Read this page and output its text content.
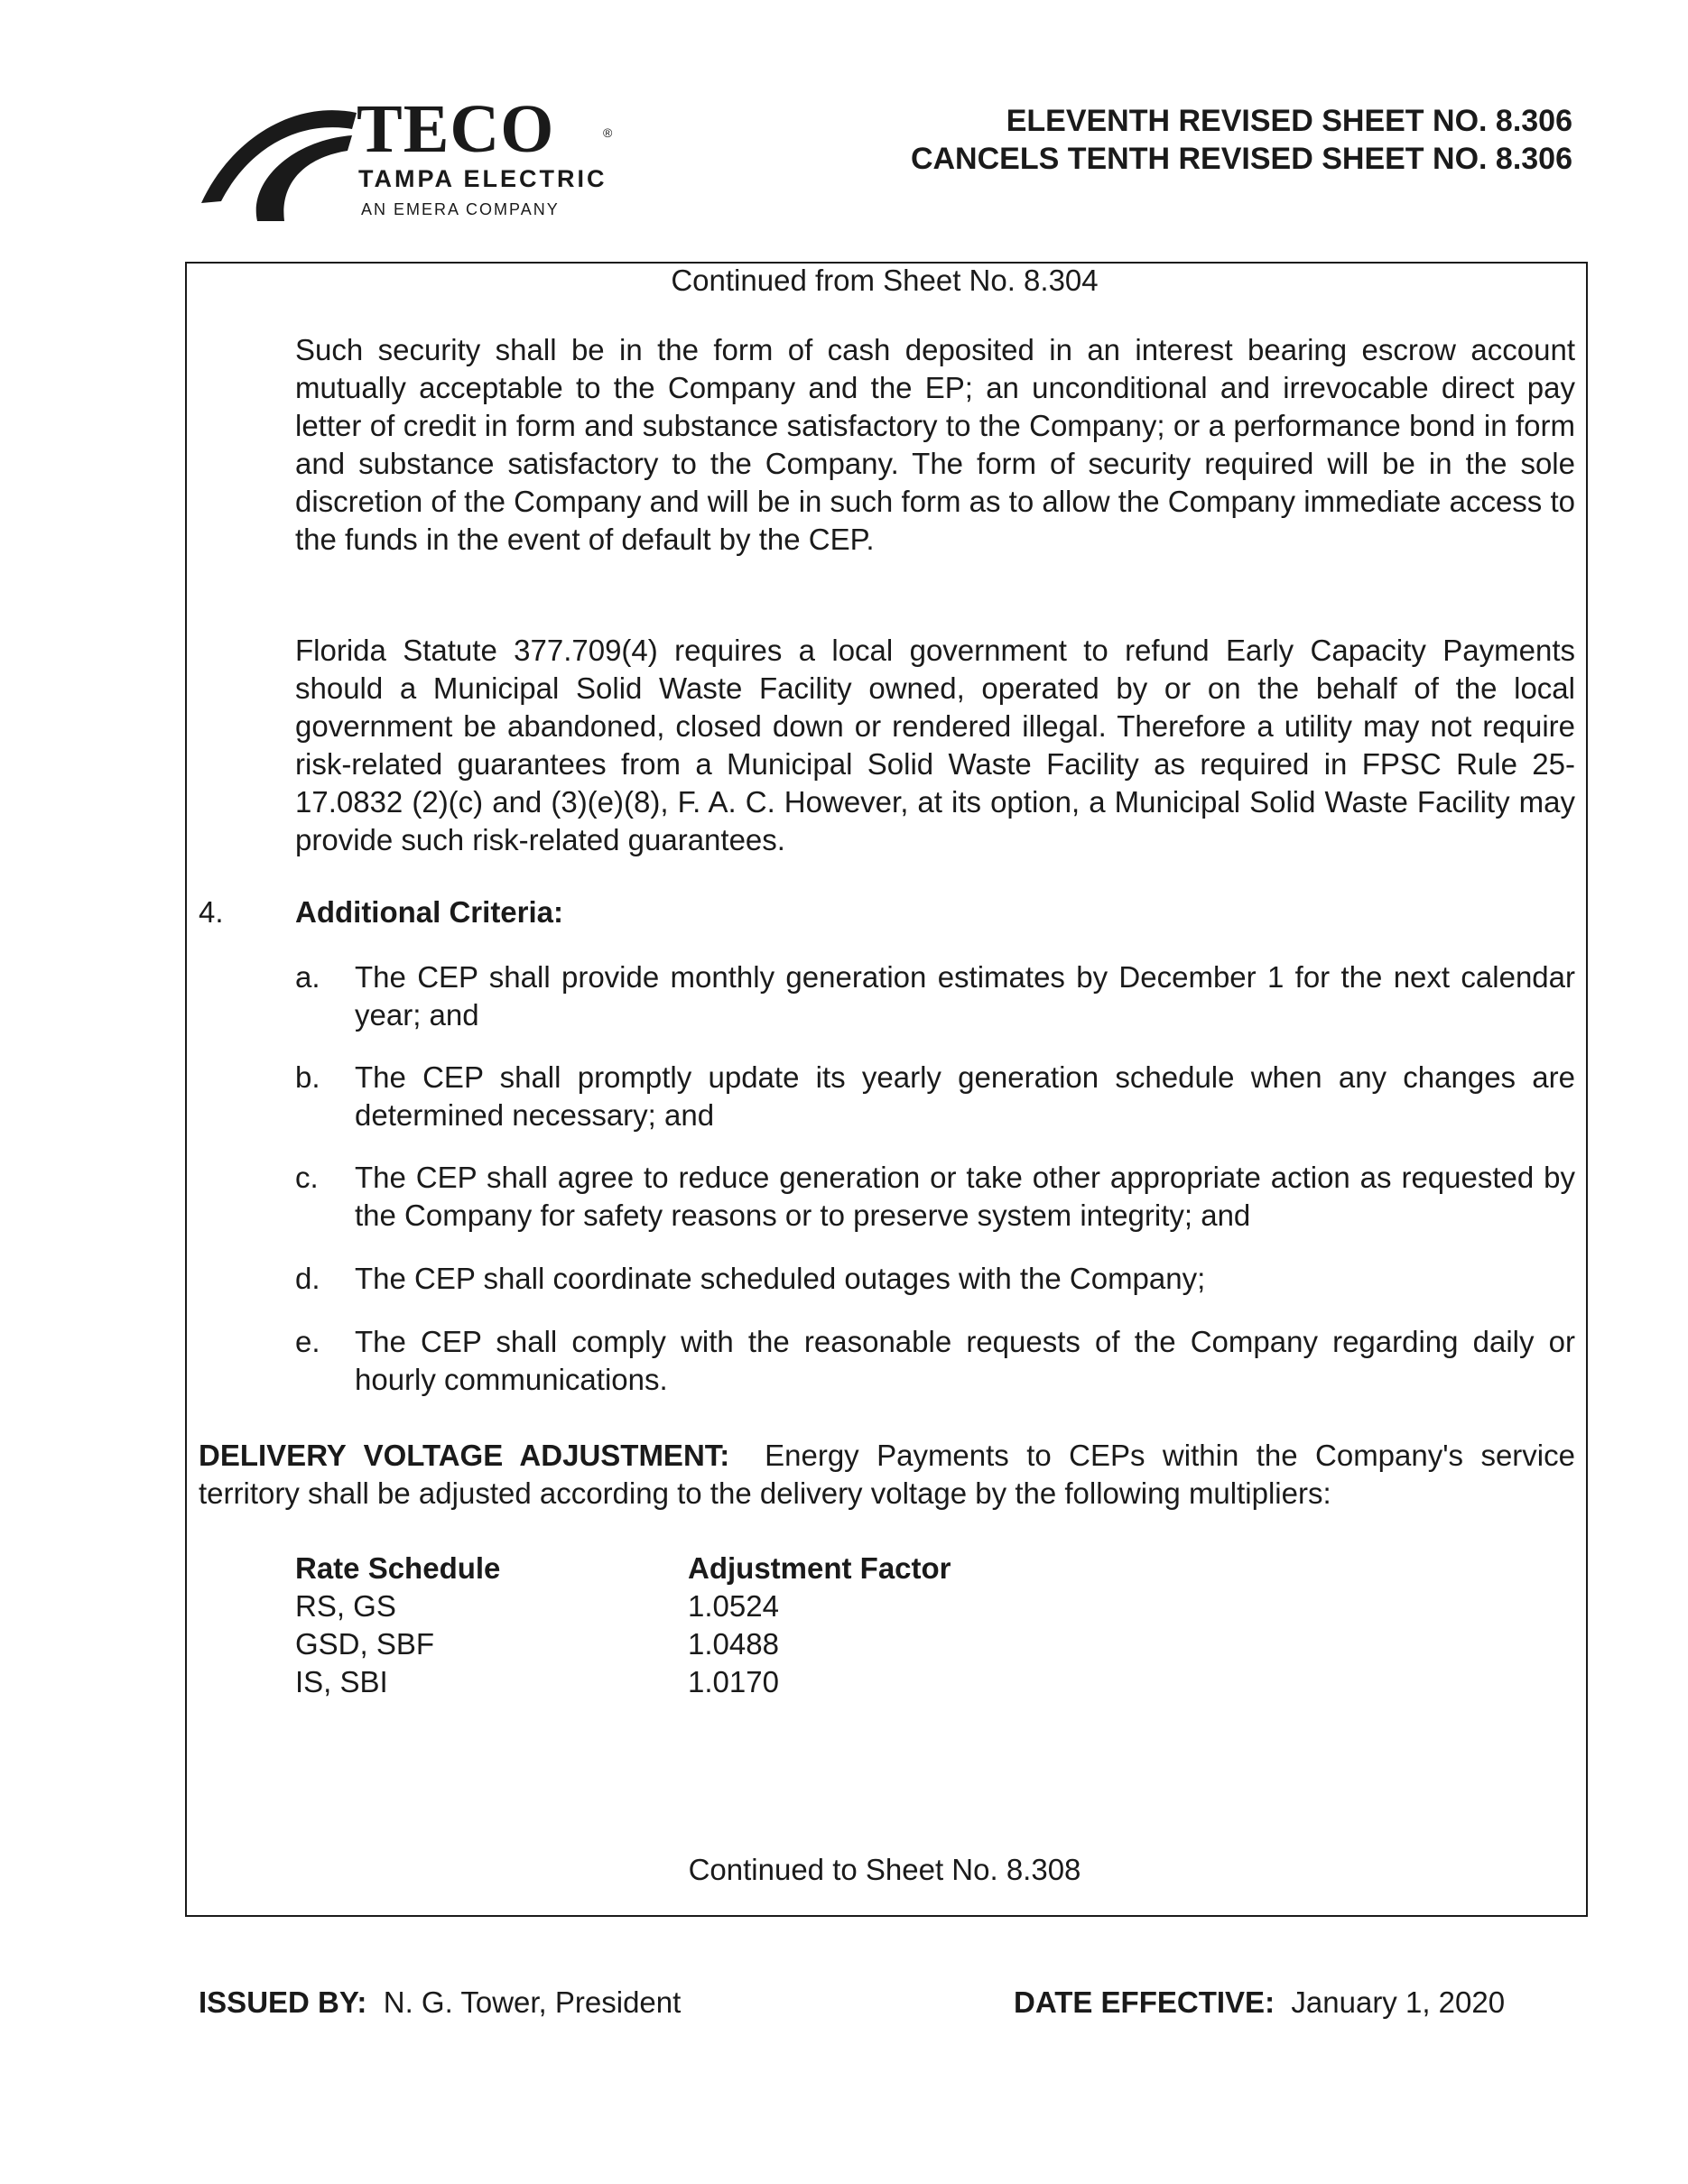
TECO	®
TAMPA ELECTRIC
AN EMERA COMPANY
ELEVENTH REVISED SHEET NO. 8.306
CANCELS TENTH REVISED SHEET NO. 8.306
Continued from Sheet No. 8.304
Such security shall be in the form of cash deposited in an interest bearing escrow account mutually acceptable to the Company and the EP; an unconditional and irrevocable direct pay letter of credit in form and substance satisfactory to the Company; or a performance bond in form and substance satisfactory to the Company. The form of security required will be in the sole discretion of the Company and will be in such form as to allow the Company immediate access to the funds in the event of default by the CEP.
Florida Statute 377.709(4) requires a local government to refund Early Capacity Payments should a Municipal Solid Waste Facility owned, operated by or on the behalf of the local government be abandoned, closed down or rendered illegal. Therefore a utility may not require risk-related guarantees from a Municipal Solid Waste Facility as required in FPSC Rule 25-17.0832 (2)(c) and (3)(e)(8), F. A. C. However, at its option, a Municipal Solid Waste Facility may provide such risk-related guarantees.
4. Additional Criteria:
a. The CEP shall provide monthly generation estimates by December 1 for the next calendar year; and
b. The CEP shall promptly update its yearly generation schedule when any changes are determined necessary; and
c. The CEP shall agree to reduce generation or take other appropriate action as requested by the Company for safety reasons or to preserve system integrity; and
d. The CEP shall coordinate scheduled outages with the Company;
e. The CEP shall comply with the reasonable requests of the Company regarding daily or hourly communications.
DELIVERY VOLTAGE ADJUSTMENT: Energy Payments to CEPs within the Company's service territory shall be adjusted according to the delivery voltage by the following multipliers:
Rate Schedule	Adjustment Factor
RS, GS	1.0524
GSD, SBF	1.0488
IS, SBI	1.0170
Continued to Sheet No. 8.308
ISSUED BY: N. G. Tower, President	DATE EFFECTIVE: January 1, 2020
